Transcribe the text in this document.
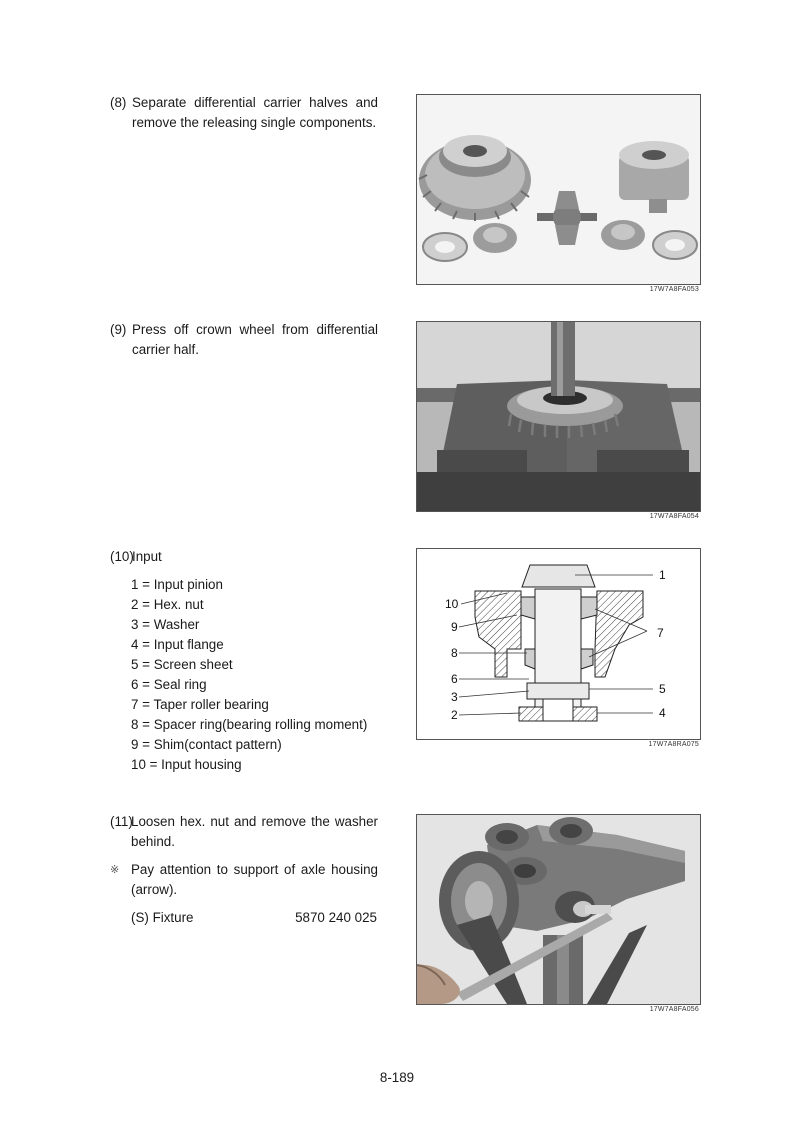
(8) Separate differential carrier halves and remove the releasing single components.
17W7A8FA053
(9) Press off crown wheel from differential carrier half.
17W7A8FA054
(10)
Input
1 = Input pinion
2 = Hex. nut
3 = Washer
4 = Input flange
5 = Screen sheet
6 = Seal ring
7 = Taper roller bearing
8 = Spacer ring(bearing rolling moment)
9 = Shim(contact pattern)
10 = Input housing
1
10
9	7
8
6
5
3
2	4
17W7A8RA075
(11)
Loosen hex. nut and remove the washer behind.
※ Pay attention to support of axle housing (arrow).
(S) Fixture	5870 240 025
17W7A8FA056
8-189
